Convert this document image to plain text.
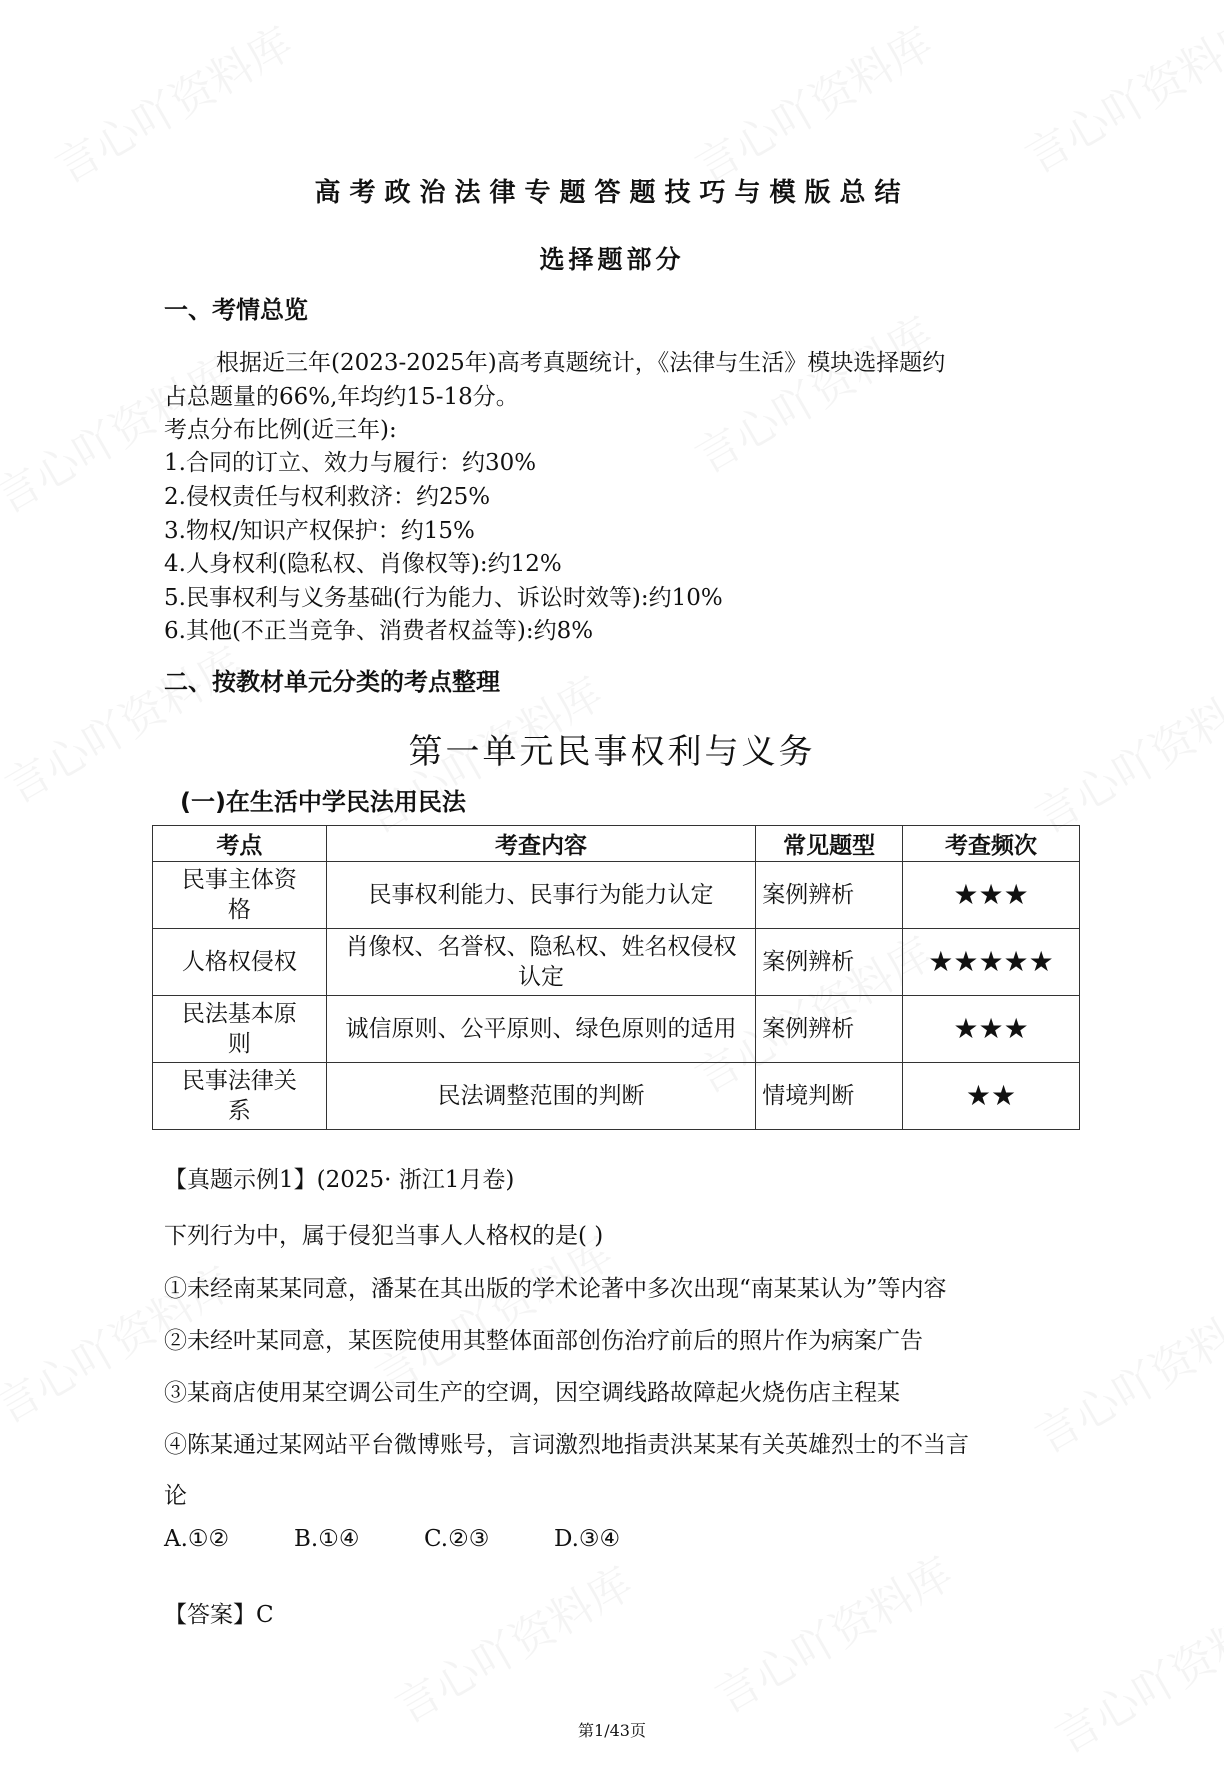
高考政治法律专题答题技巧与模版总结
选择题部分
一、考情总览
根据近三年(2023-2025年)高考真题统计，《法律与生活》模块选择题约
占总题量的66%,年均约15-18分。
考点分布比例(近三年):
1.合同的订立、效力与履行：约30%
2.侵权责任与权利救济：约25%
3.物权/知识产权保护：约15%
4.人身权利(隐私权、肖像权等):约12%
5.民事权利与义务基础(行为能力、诉讼时效等):约10%
6.其他(不正当竞争、消费者权益等):约8%
二、按教材单元分类的考点整理
第一单元民事权利与义务
(一)在生活中学民法用民法
考点	考查内容	常见题型	考查频次
民事主体资格	民事权利能力、民事行为能力认定	案例辨析	★★★
人格权侵权	肖像权、名誉权、隐私权、姓名权侵权认定	案例辨析	★★★★★
民法基本原则	诚信原则、公平原则、绿色原则的适用	案例辨析	★★★
民事法律关系	民法调整范围的判断	情境判断	★★
【真题示例1】(2025· 浙江1月卷)
下列行为中，属于侵犯当事人人格权的是( )
①未经南某某同意，潘某在其出版的学术论著中多次出现“南某某认为”等内容
②未经叶某同意，某医院使用其整体面部创伤治疗前后的照片作为病案广告
③某商店使用某空调公司生产的空调，因空调线路故障起火烧伤店主程某
④陈某通过某网站平台微博账号，言词激烈地指责洪某某有关英雄烈士的不当言
论
A.①②	B.①④	C.②③	D.③④
【答案】C
第1/43页
